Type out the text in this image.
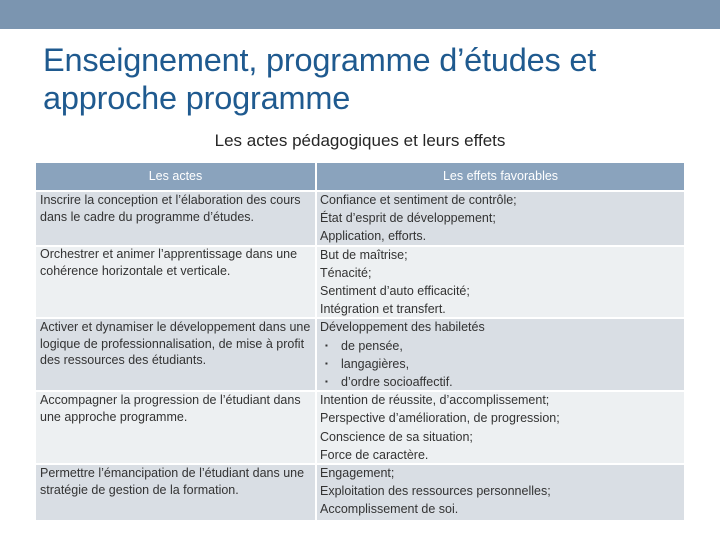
Enseignement, programme d’études et approche programme
Les actes pédagogiques et leurs effets
Les actes	Les effets favorables
Inscrire la conception et l’élaboration des cours dans le cadre du programme d’études.
Orchestrer et animer l’apprentissage dans une cohérence horizontale et verticale.
Activer et dynamiser le développement dans une logique de professionnalisation, de mise à profit des ressources des étudiants.
Accompagner la progression de l’étudiant dans une approche programme.
Permettre l’émancipation de l’étudiant dans une stratégie de gestion de la formation.
Confiance et sentiment de contrôle;
État d’esprit de développement;
Application, efforts.
But de maîtrise;
Ténacité;
Sentiment d’auto efficacité;
Intégration et transfert.
Développement des habiletés
▪ de pensée,
▪ langagières,
▪ d’ordre socioaffectif.
Intention de réussite, d’accomplissement;
Perspective d’amélioration, de progression;
Conscience de sa situation;
Force de caractère.
Engagement;
Exploitation des ressources personnelles;
Accomplissement de soi.
